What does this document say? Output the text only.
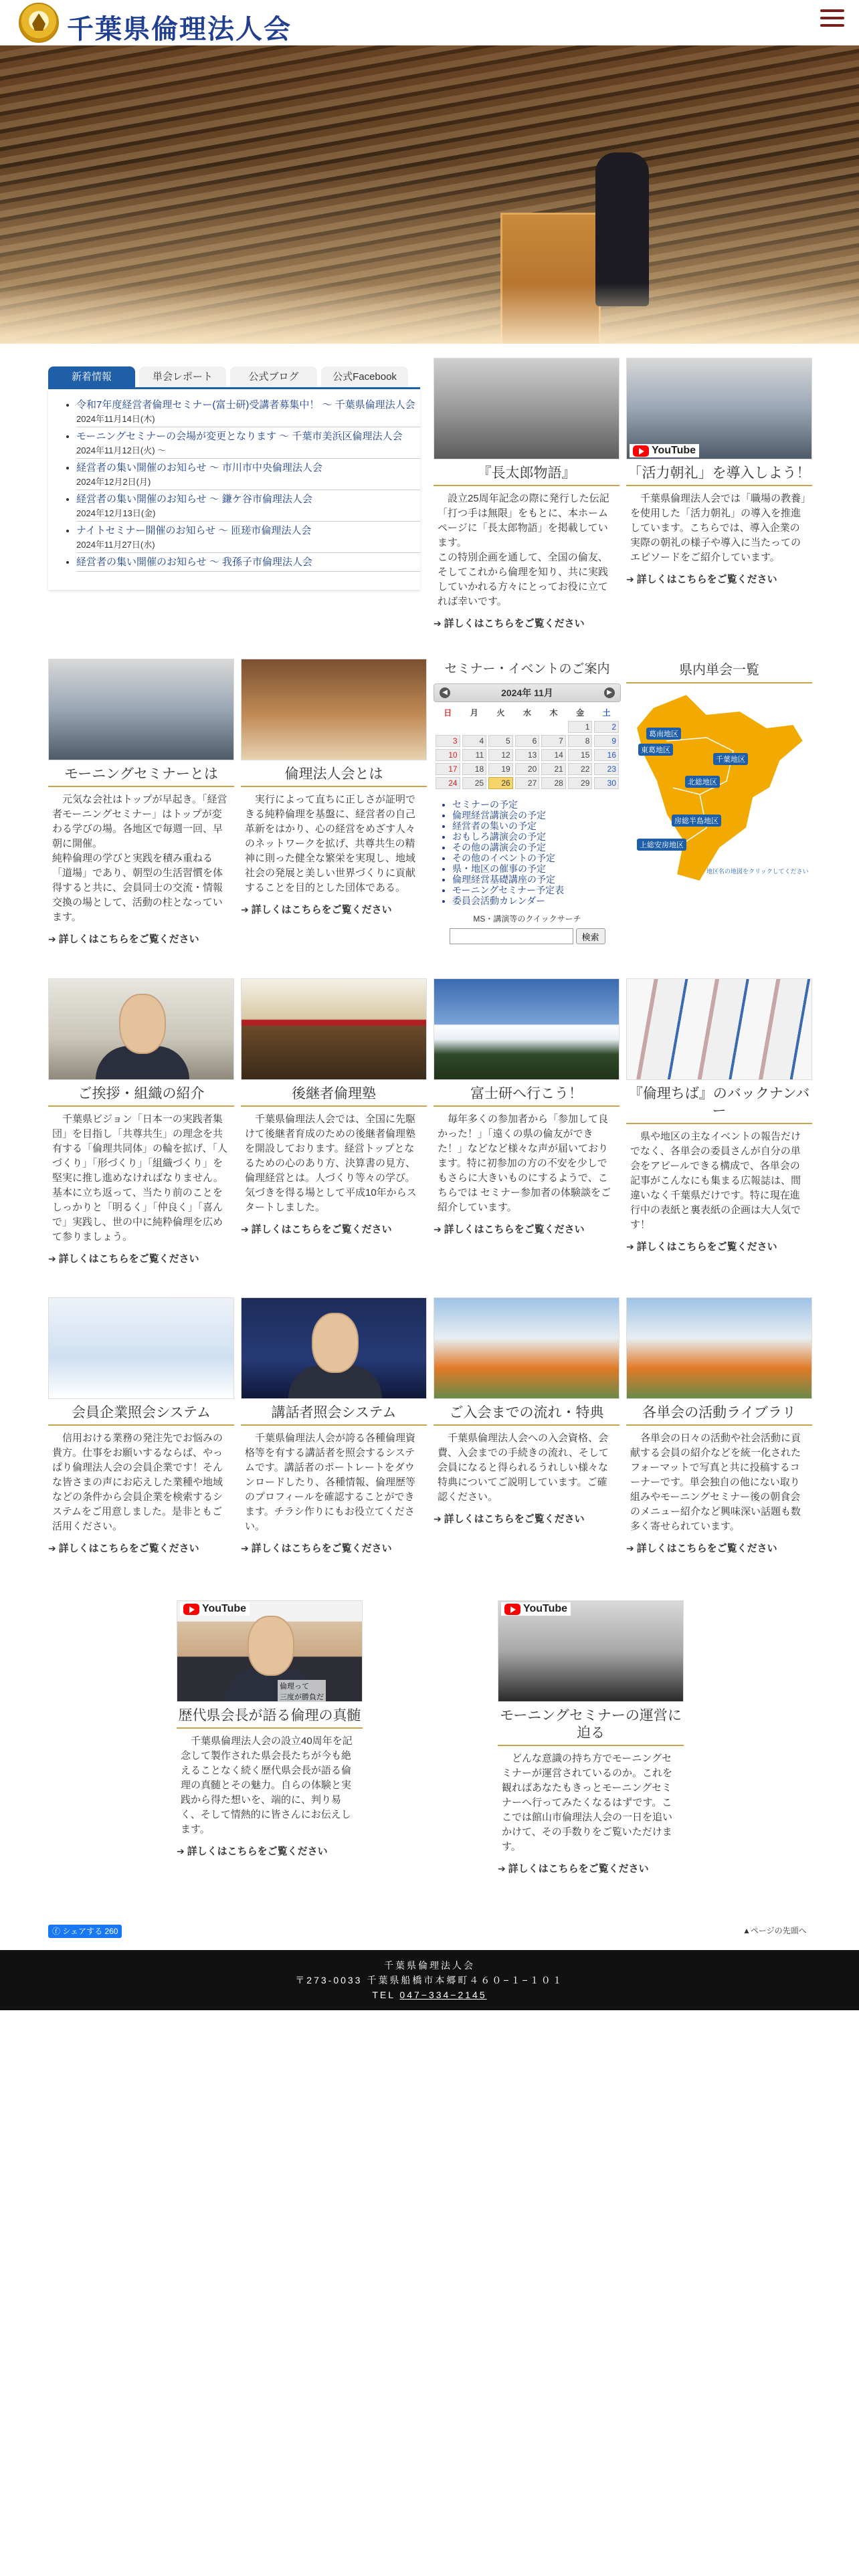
千葉県倫理法人会
新着情報	単会レポート	公式ブログ	公式Facebook
• 令和7年度経営者倫理セミナー(富士研)受講者募集中！ 〜 千葉県倫理法人会
2024年11月14日(木)
• モーニングセミナーの会場が変更となります 〜 千葉市美浜区倫理法人会
2024年11月12日(火) 〜
• 経営者の集い開催のお知らせ 〜 市川市中央倫理法人会
2024年12月2日(月)
• 経営者の集い開催のお知らせ 〜 鎌ケ谷市倫理法人会
2024年12月13日(金)
• ナイトセミナー開催のお知らせ 〜 匝瑳市倫理法人会
2024年11月27日(水)
• 経営者の集い開催のお知らせ 〜 我孫子市倫理法人会
『長太郎物語』
設立25周年記念の際に発行した伝記「打つ手は無限」をもとに、本ホームページに「長太郎物語」を掲載しています。
この特別企画を通して、全国の倫友、そしてこれから倫理を知り、共に実践していかれる方々にとってお役に立てれば幸いです。
➔ 詳しくはこちらをご覧ください
YouTube
「活力朝礼」を導入しよう！
千葉県倫理法人会では「職場の教養」を使用した「活力朝礼」の導入を推進しています。こちらでは、導入企業の実際の朝礼の様子や導入に当たってのエピソードをご紹介しています。
➔ 詳しくはこちらをご覧ください
モーニングセミナーとは
元気な会社はトップが早起き。「経営者モーニングセミナー」はトップが変わる学びの場。各地区で毎週一回、早朝に開催。
純粋倫理の学びと実践を積み重ねる「道場」であり、朝型の生活習慣を体得すると共に、会員同士の交流・情報交換の場として、活動の柱となっています。
➔ 詳しくはこちらをご覧ください
倫理法人会とは
実行によって直ちに正しさが証明できる純粋倫理を基盤に、経営者の自己革新をはかり、心の経営をめざす人々のネットワークを拡げ、共尊共生の精神に則った健全な繁栄を実現し、地域社会の発展と美しい世界づくりに貢献することを目的とした団体である。
➔ 詳しくはこちらをご覧ください
セミナー・イベントのご案内
◀	2024年 11月	▶
日	月	火	水	木	金	土
					1	2
3	4	5	6	7	8	9
10	11	12	13	14	15	16
17	18	19	20	21	22	23
24	25	26	27	28	29	30
• セミナーの予定
• 倫理経営講演会の予定
• 経営者の集いの予定
• おもしろ講演会の予定
• その他の講演会の予定
• その他のイベントの予定
• 県・地区の催事の予定
• 倫理経営基礎講座の予定
• モーニングセミナー予定表
• 委員会活動カレンダー
MS・講演等のクイックサーチ
検索
県内単会一覧
葛南地区
東葛地区
千葉地区
北総地区
房総半島地区
上総安房地区
地区名の地図をクリックしてください
ご挨拶・組織の紹介
千葉県ビジョン「日本一の実践者集団」を目指し「共尊共生」の理念を共有する「倫理共同体」の輪を拡げ、「人づくり」「形づくり」「組織づくり」を堅実に推し進めなければなりません。基本に立ち返って、当たり前のことをしっかりと「明るく」「仲良く」「喜んで」実践し、世の中に純粋倫理を広めて参りましょう。
➔ 詳しくはこちらをご覧ください
後継者倫理塾
千葉県倫理法人会では、全国に先駆けて後継者育成のための後継者倫理塾を開設しております。経営トップとなるための心のあり方、決算書の見方、倫理経営とは。人づくり等々の学び。気づきを得る場として平成10年からスタートしました。
➔ 詳しくはこちらをご覧ください
富士研へ行こう！
毎年多くの参加者から「参加して良かった！」「遠くの県の倫友ができた！」などなど様々な声が届いております。特に初参加の方の不安を少しでもさらに大きいものにするようで、こちらでは セミナー参加者の体験談をご紹介しています。
➔ 詳しくはこちらをご覧ください
『倫理ちば』のバックナンバー
県や地区の主なイベントの報告だけでなく、各単会の委員さんが自分の単会をアピールできる構成で、各単会の記事がこんなにも集まる広報誌は、間違いなく千葉県だけです。特に現在進行中の表紙と裏表紙の企画は大人気です！
➔ 詳しくはこちらをご覧ください
会員企業照会システム
信用おける業務の発注先でお悩みの貴方。仕事をお願いするならば、やっぱり倫理法人会の会員企業です！そんな皆さまの声にお応えした業種や地域などの条件から会員企業を検索するシステムをご用意しました。是非ともご活用ください。
➔ 詳しくはこちらをご覧ください
講話者照会システム
千葉県倫理法人会が誇る各種倫理資格等を有する講話者を照会するシステムです。講話者のポートレートをダウンロードしたり、各種情報、倫理歴等のプロフィールを確認することができます。チラシ作りにもお役立てください。
➔ 詳しくはこちらをご覧ください
ご入会までの流れ・特典
千葉県倫理法人会への入会資格、会費、入会までの手続きの流れ、そして会員になると得られるうれしい様々な特典についてご説明しています。ご確認ください。
➔ 詳しくはこちらをご覧ください
各単会の活動ライブラリ
各単会の日々の活動や社会活動に貢献する会員の紹介などを統一化されたフォーマットで写真と共に投稿するコーナーです。単会独自の他にない取り組みやモーニングセミナー後の朝食会のメニュー紹介など興味深い話題も数多く寄せられています。
➔ 詳しくはこちらをご覧ください
YouTube
倫理って
三度が勝負だ
歴代県会長が語る倫理の真髄
千葉県倫理法人会の設立40周年を記念して製作された県会長たちが今も絶えることなく続く歴代県会長が語る倫理の真髄とその魅力。自らの体験と実践から得た想いを、端的に、判り易く、そして情熱的に皆さんにお伝えします。
➔ 詳しくはこちらをご覧ください
YouTube
モーニングセミナーの運営に迫る
どんな意識の持ち方でモーニングセミナーが運営されているのか。これを観ればあなたもきっとモーニングセミナーへ行ってみたくなるはずです。ここでは館山市倫理法人会の一日を追いかけて、その手数りをご覧いただけます。
➔ 詳しくはこちらをご覧ください
ⓕ シェアする 260	▲ページの先頭へ
千葉県倫理法人会
〒273-0033 千葉県船橋市本郷町４６０−１−１０１
TEL 047−334−2145
